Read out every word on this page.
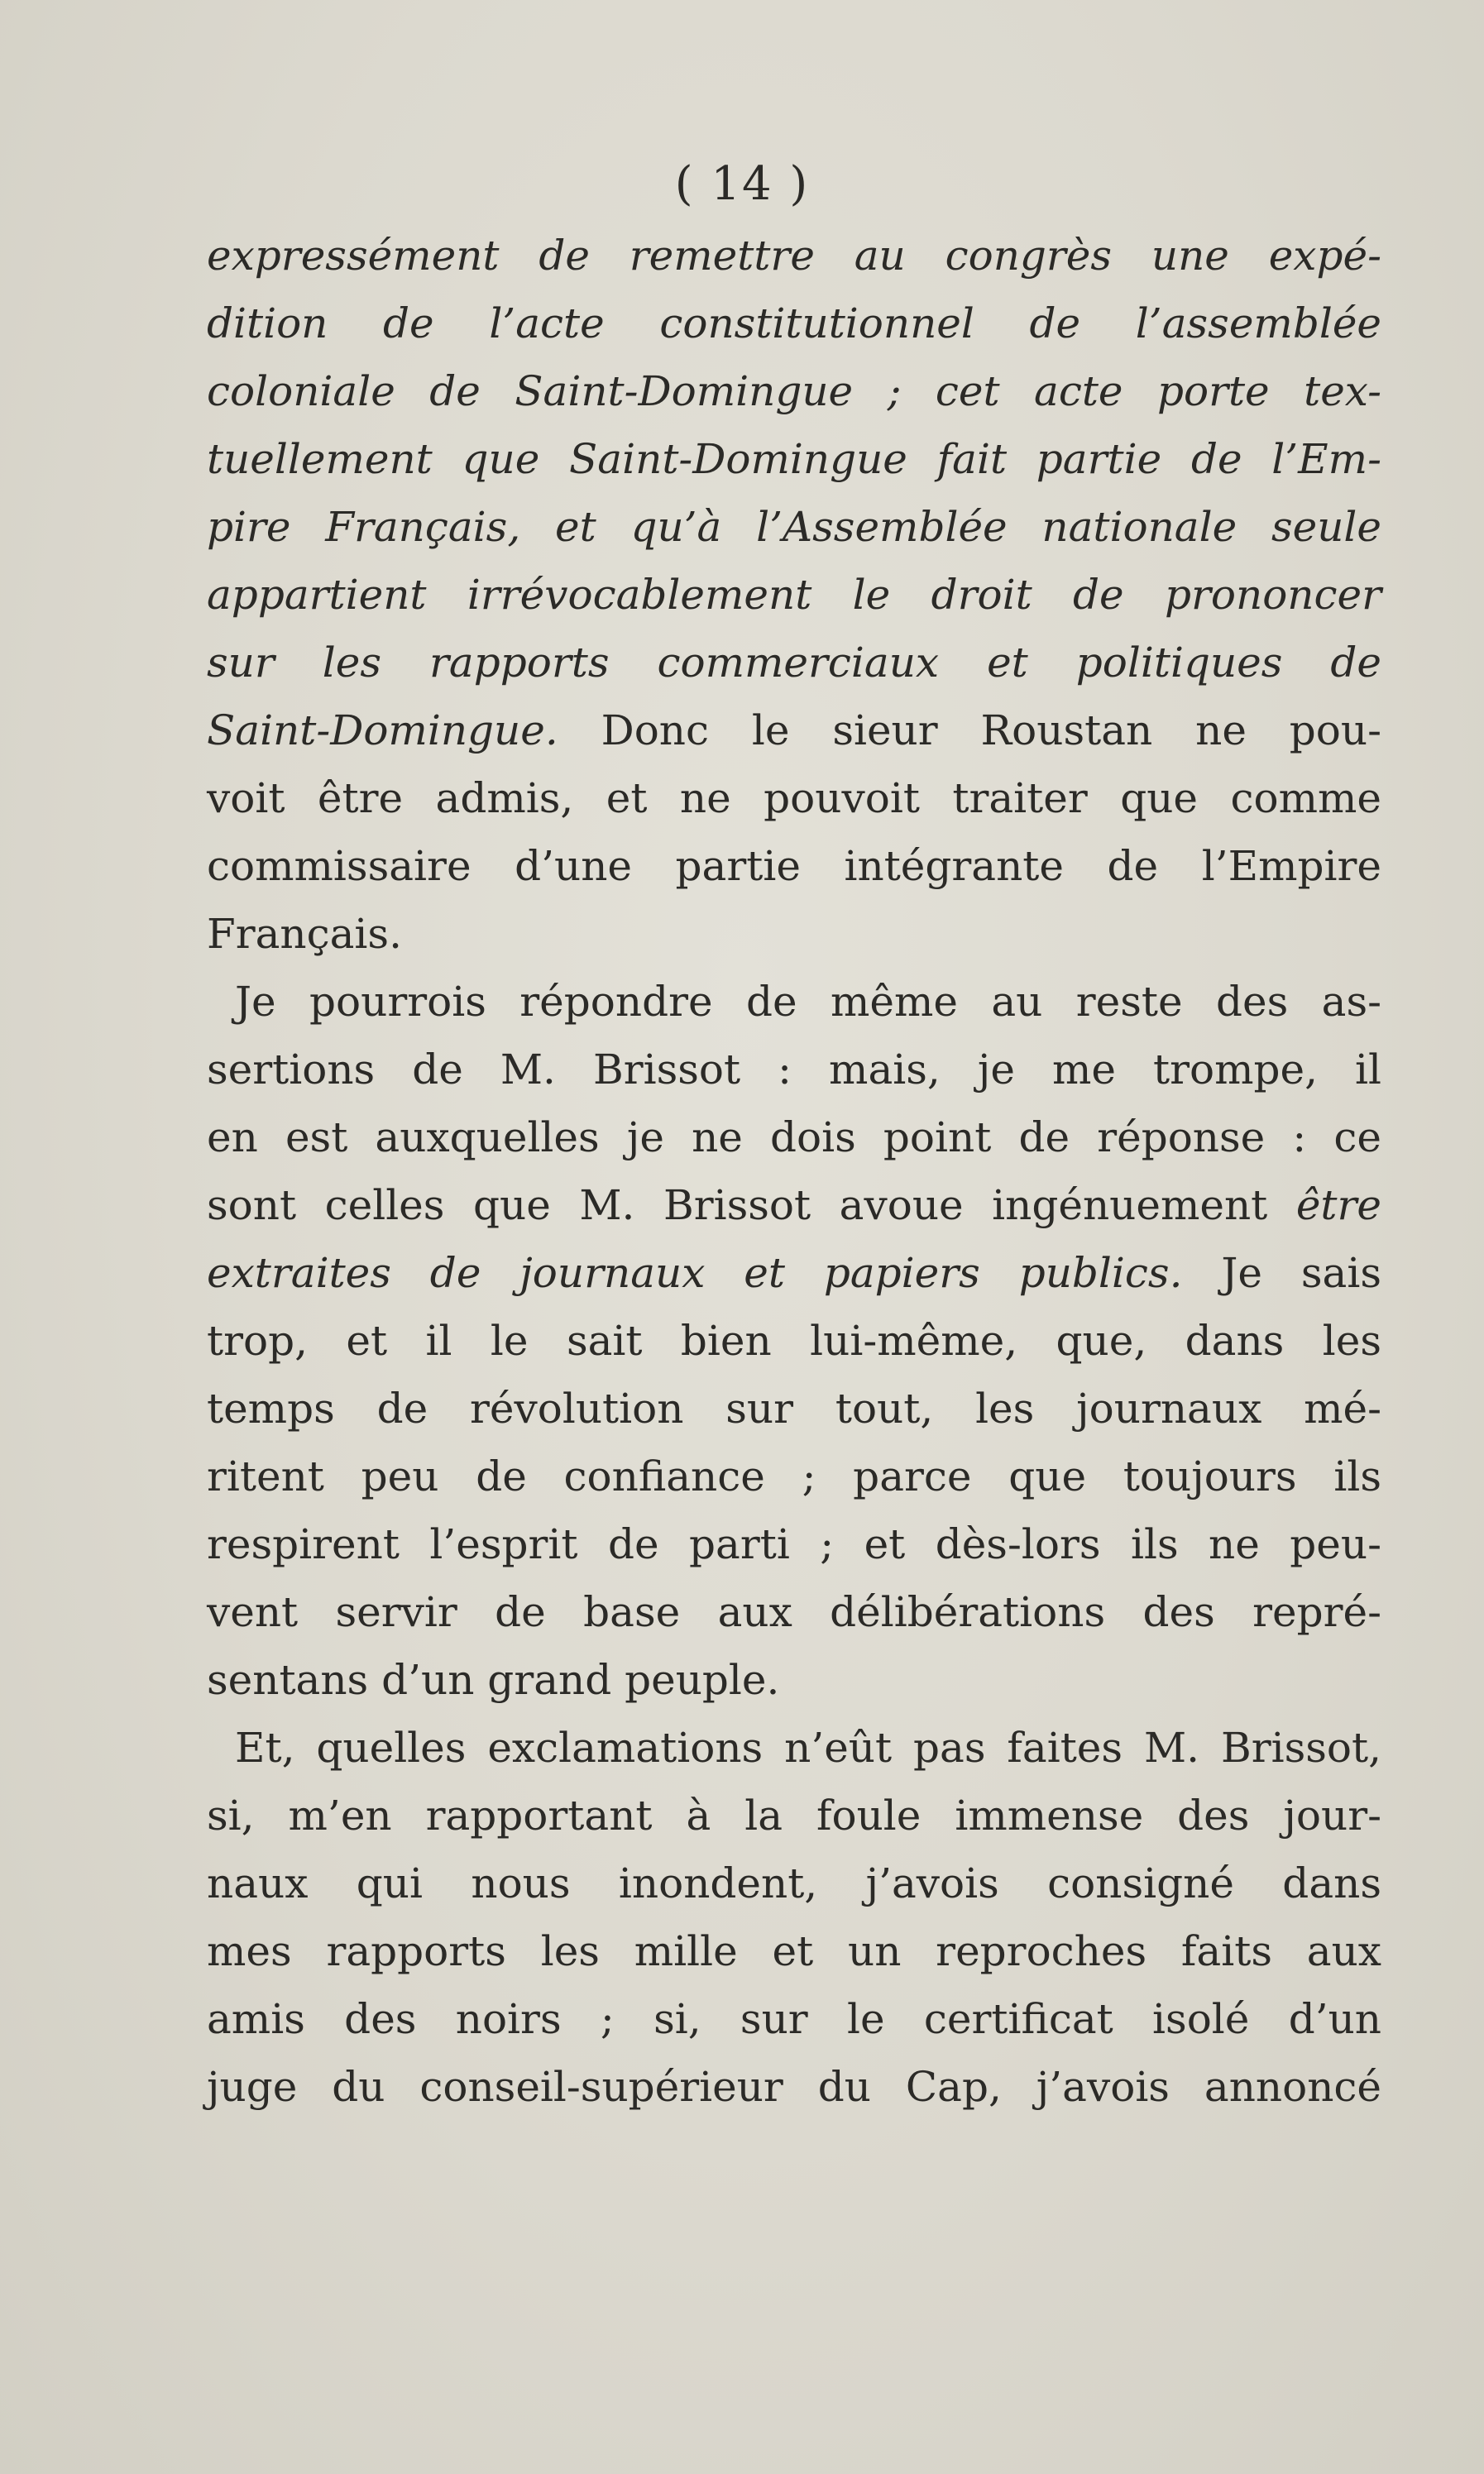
( 14 )
expressément de remettre au congrès une expé-
dition de l’acte constitutionnel de l’assemblée
coloniale de Saint-Domingue ; cet acte porte tex-
tuellement que Saint-Domingue fait partie de l’Em-
pire Français, et qu’à l’Assemblée nationale seule
appartient irrévocablement le droit de prononcer
sur les rapports commerciaux et politiques de
Saint-Domingue. Donc le sieur Roustan ne pou-
voit être admis, et ne pouvoit traiter que comme
commissaire d’une partie intégrante de l’Empire
Français.
Je pourrois répondre de même au reste des as-
sertions de M. Brissot : mais, je me trompe, il
en est auxquelles je ne dois point de réponse : ce
sont celles que M. Brissot avoue ingénuement être
extraites de journaux et papiers publics. Je sais
trop, et il le sait bien lui-même, que, dans les
temps de révolution sur tout, les journaux mé-
ritent peu de confiance ; parce que toujours ils
respirent l’esprit de parti ; et dès-lors ils ne peu-
vent servir de base aux délibérations des repré-
sentans d’un grand peuple.
Et, quelles exclamations n’eût pas faites M. Brissot,
si, m’en rapportant à la foule immense des jour-
naux qui nous inondent, j’avois consigné dans
mes rapports les mille et un reproches faits aux
amis des noirs ; si, sur le certificat isolé d’un
juge du conseil-supérieur du Cap, j’avois annoncé
